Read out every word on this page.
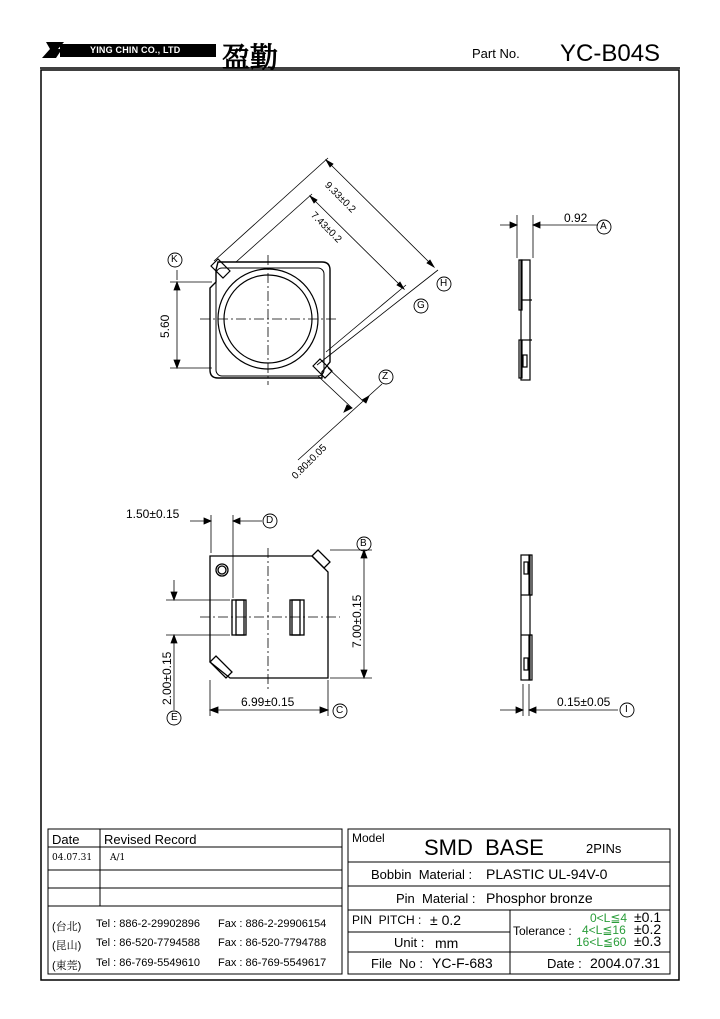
YING CHIN CO., LTD 盈勤	Part No. YC-B04S
9.33±0.2
7.43±0.2
5.60
0.80±0.05
A
K
H
G
Z
0.92
1.50±0.15	D
B
7.00±0.15
2.00±0.15
E
6.99±0.15
C
0.15±0.05
I
Date Revised Record
04.07.31 A/1
(台北) Tel : 886-2-29902896 Fax : 886-2-29906154
(昆山) Tel : 86-520-7794588 Fax : 86-520-7794788
(東莞) Tel : 86-769-5549610 Fax : 86-769-5549617
Model SMD  BASE	2PINs
Bobbin  Material : PLASTIC UL-94V-0
Pin  Material : Phosphor bronze
PIN  PITCH : ± 0.2
Unit : mm
Tolerance :
0<L≦4 ±0.1
4<L≦16 ±0.2
16<L≦60 ±0.3
File  No : YC-F-683	Date : 2004.07.31
